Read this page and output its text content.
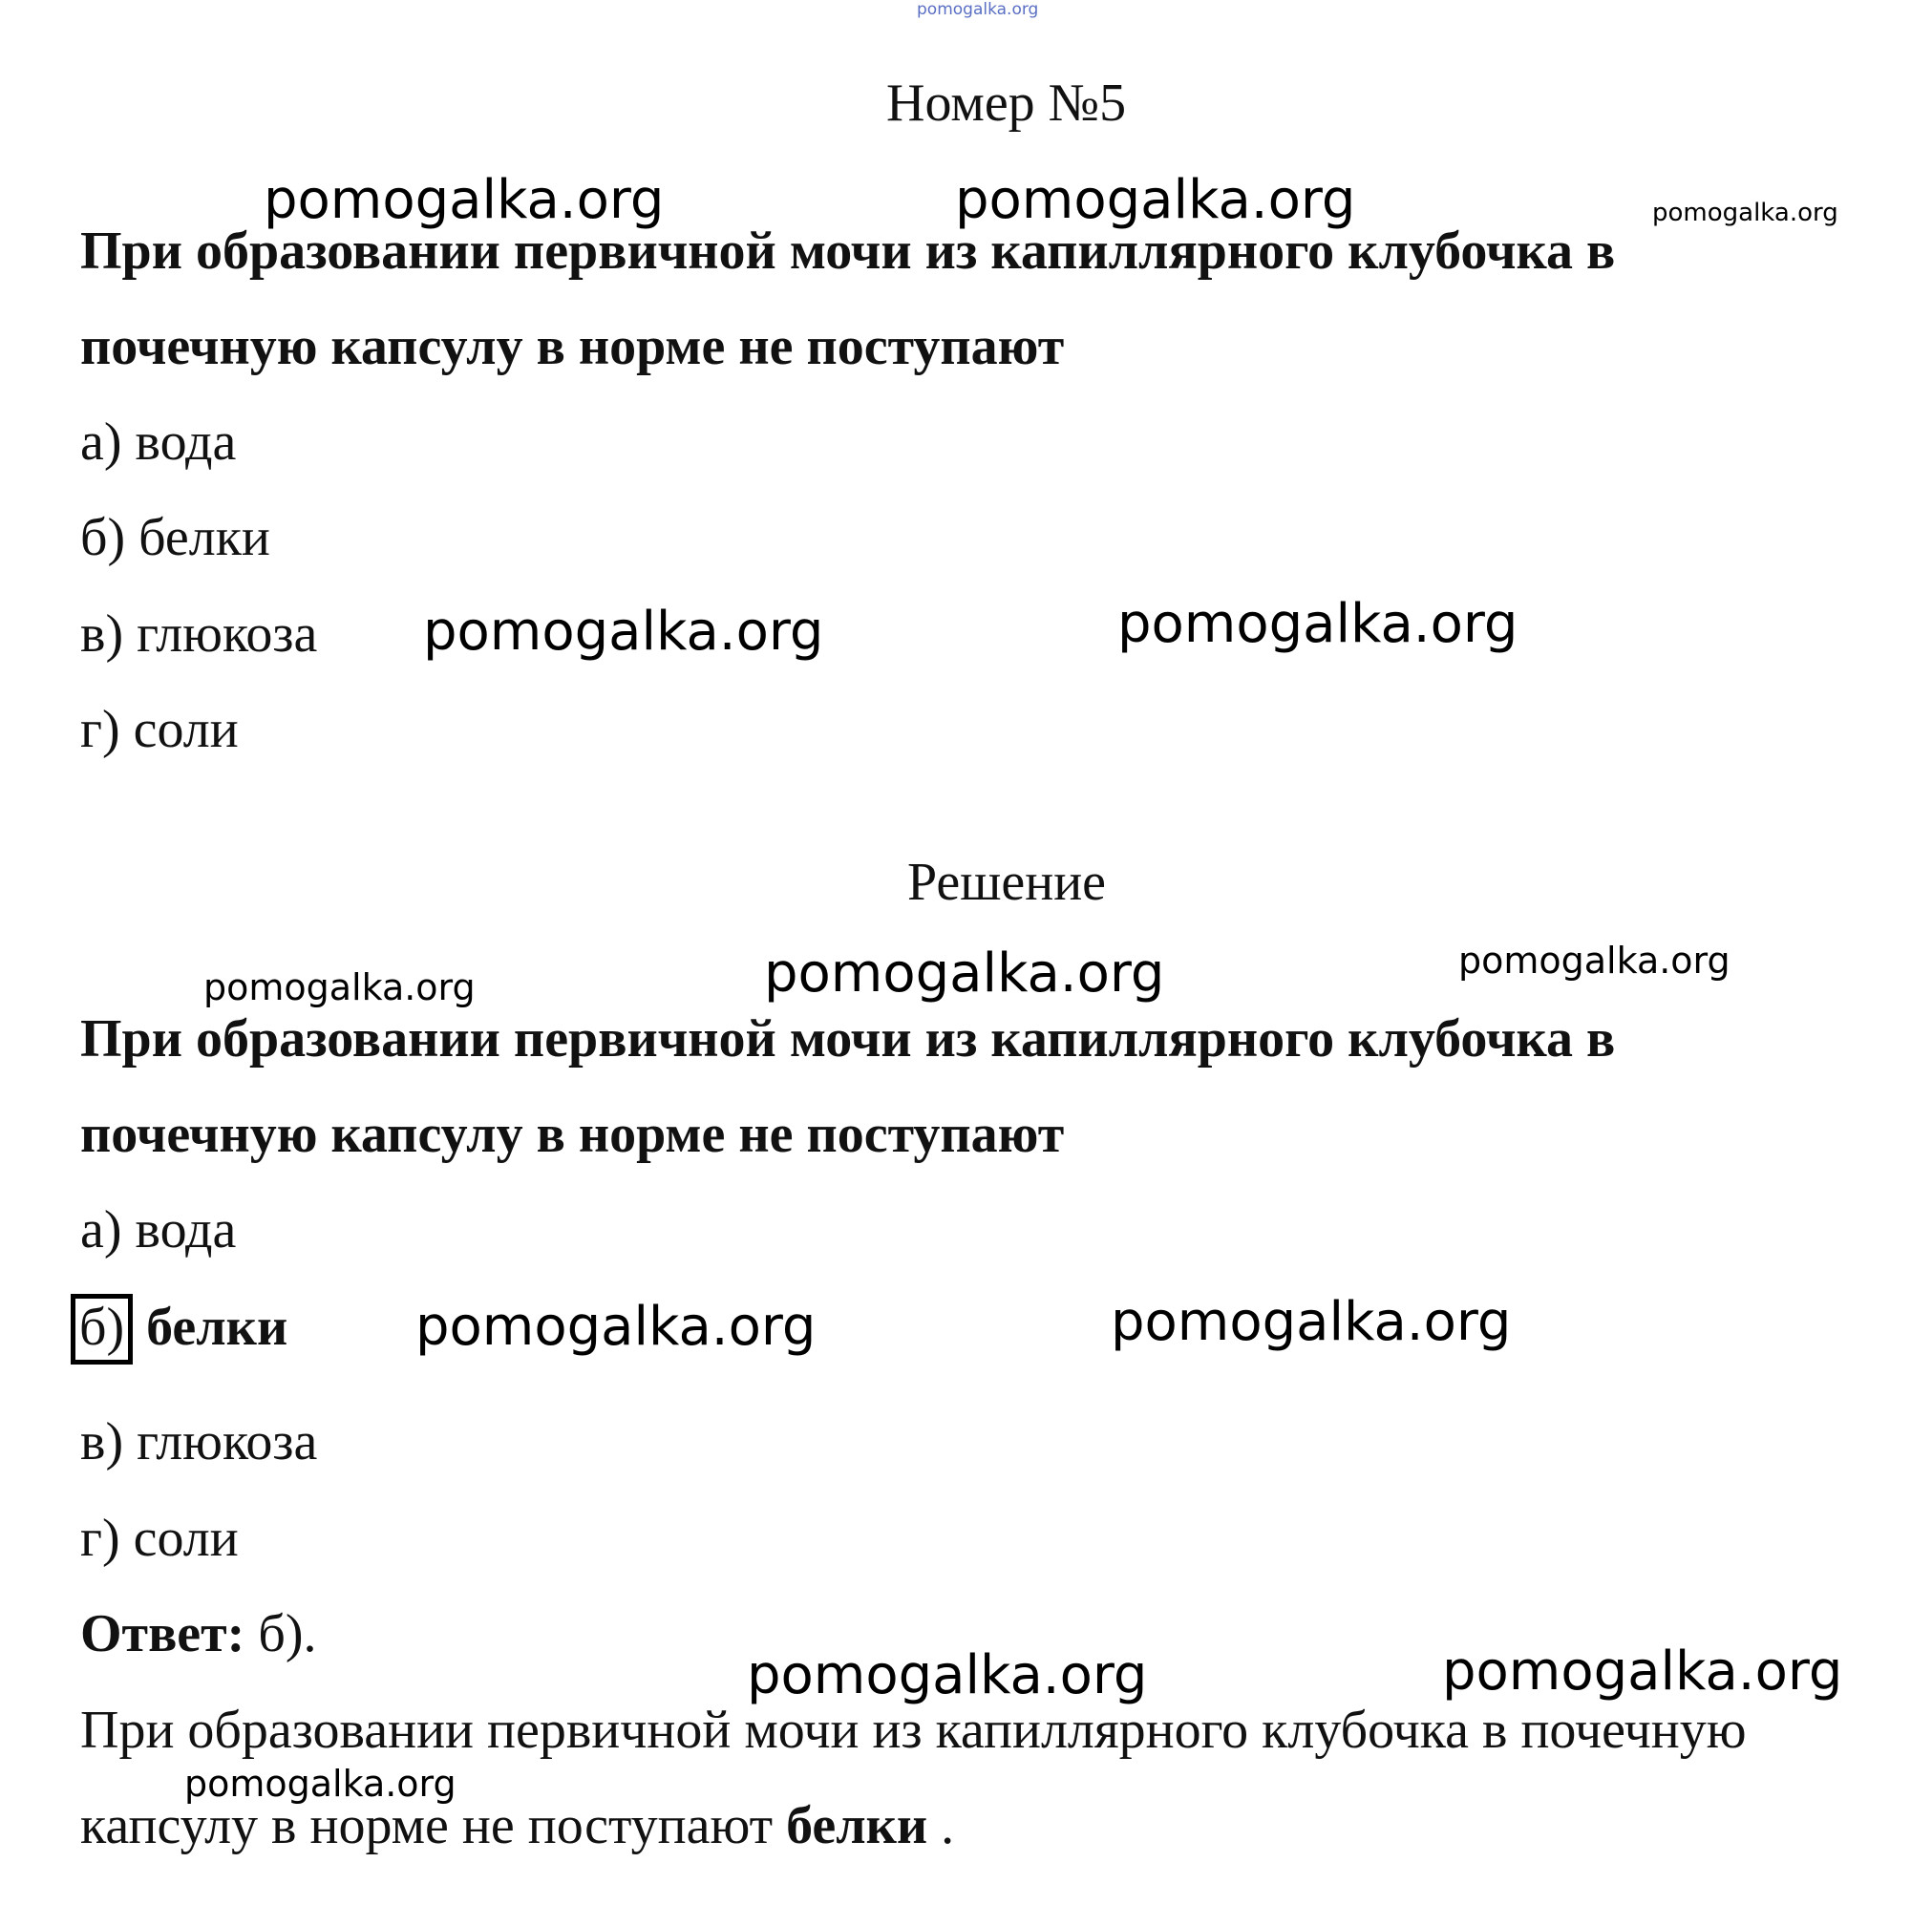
pomogalka.org
Номер №5
pomogalka.org	pomogalka.org	pomogalka.org
При образовании первичной мочи из капиллярного клубочка в
почечную капсулу в норме не поступают
а) вода
б) белки
в) глюкоза
г) соли
pomogalka.org	pomogalka.org
Решение
pomogalka.org	pomogalka.org	pomogalka.org
При образовании первичной мочи из капиллярного клубочка в
почечную капсулу в норме не поступают
а) вода
б) белки
в) глюкоза
г) соли
pomogalka.org	pomogalka.org
Ответ: б).
pomogalka.org	pomogalka.org
При образовании первичной мочи из капиллярного клубочка в почечную
pomogalka.org
капсулу в норме не поступают белки .
